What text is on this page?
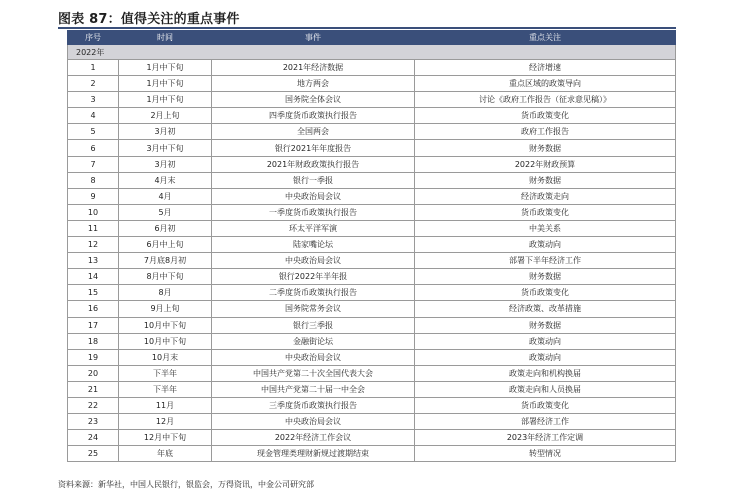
图表 87：值得关注的重点事件
序号	时间	事件	重点关注
2022年			
1	1月中下旬	2021年经济数据	经济增速
2	1月中下旬	地方两会	重点区域的政策导向
3	1月中下旬	国务院全体会议	讨论《政府工作报告（征求意见稿）》
4	2月上旬	四季度货币政策执行报告	货币政策变化
5	3月初	全国两会	政府工作报告
6	3月中下旬	银行2021年年度报告	财务数据
7	3月初	2021年财政政策执行报告	2022年财政预算
8	4月末	银行一季报	财务数据
9	4月	中央政治局会议	经济政策走向
10	5月	一季度货币政策执行报告	货币政策变化
11	6月初	环太平洋军演	中美关系
12	6月中上旬	陆家嘴论坛	政策动向
13	7月底8月初	中央政治局会议	部署下半年经济工作
14	8月中下旬	银行2022年半年报	财务数据
15	8月	二季度货币政策执行报告	货币政策变化
16	9月上旬	国务院常务会议	经济政策、改革措施
17	10月中下旬	银行三季报	财务数据
18	10月中下旬	金融街论坛	政策动向
19	10月末	中央政治局会议	政策动向
20	下半年	中国共产党第二十次全国代表大会	政策走向和机构换届
21	下半年	中国共产党第二十届一中全会	政策走向和人员换届
22	11月	三季度货币政策执行报告	货币政策变化
23	12月	中央政治局会议	部署经济工作
24	12月中下旬	2022年经济工作会议	2023年经济工作定调
25	年底	现金管理类理财新规过渡期结束	转型情况
资料来源：新华社，中国人民银行，银监会，万得资讯，中金公司研究部
